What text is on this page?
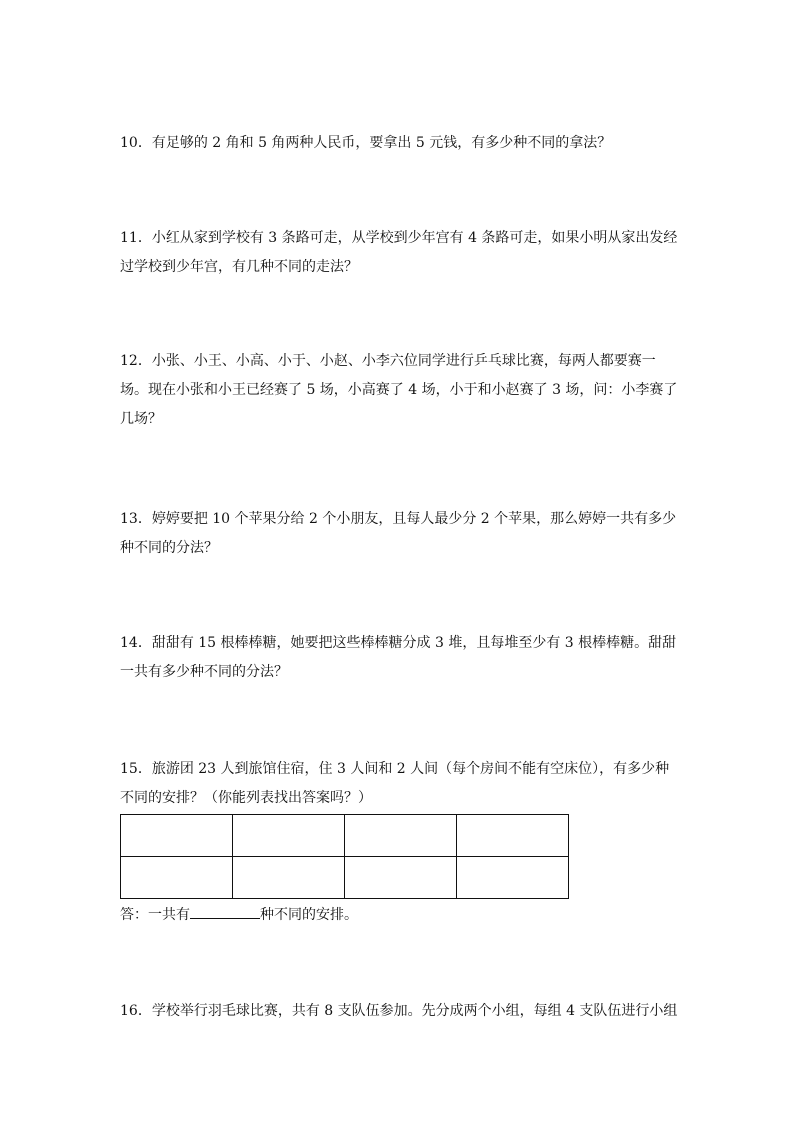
10．有足够的 2 角和 5 角两种人民币，要拿出 5 元钱，有多少种不同的拿法？

11．小红从家到学校有 3 条路可走，从学校到少年宫有 4 条路可走，如果小明从家出发经过学校到少年宫，有几种不同的走法？

12．小张、小王、小高、小于、小赵、小李六位同学进行乒乓球比赛，每两人都要赛一场。现在小张和小王已经赛了 5 场，小高赛了 4 场，小于和小赵赛了 3 场，问：小李赛了几场？

13．婷婷要把 10 个苹果分给 2 个小朋友，且每人最少分 2 个苹果，那么婷婷一共有多少种不同的分法？

14．甜甜有 15 根棒棒糖，她要把这些棒棒糖分成 3 堆，且每堆至少有 3 根棒棒糖。甜甜一共有多少种不同的分法？

15．旅游团 23 人到旅馆住宿，住 3 人间和 2 人间（每个房间不能有空床位），有多少种不同的安排？（你能列表找出答案吗？）

答：一共有	种不同的安排。

16．学校举行羽毛球比赛，共有 8 支队伍参加。先分成两个小组，每组 4 支队伍进行小组
